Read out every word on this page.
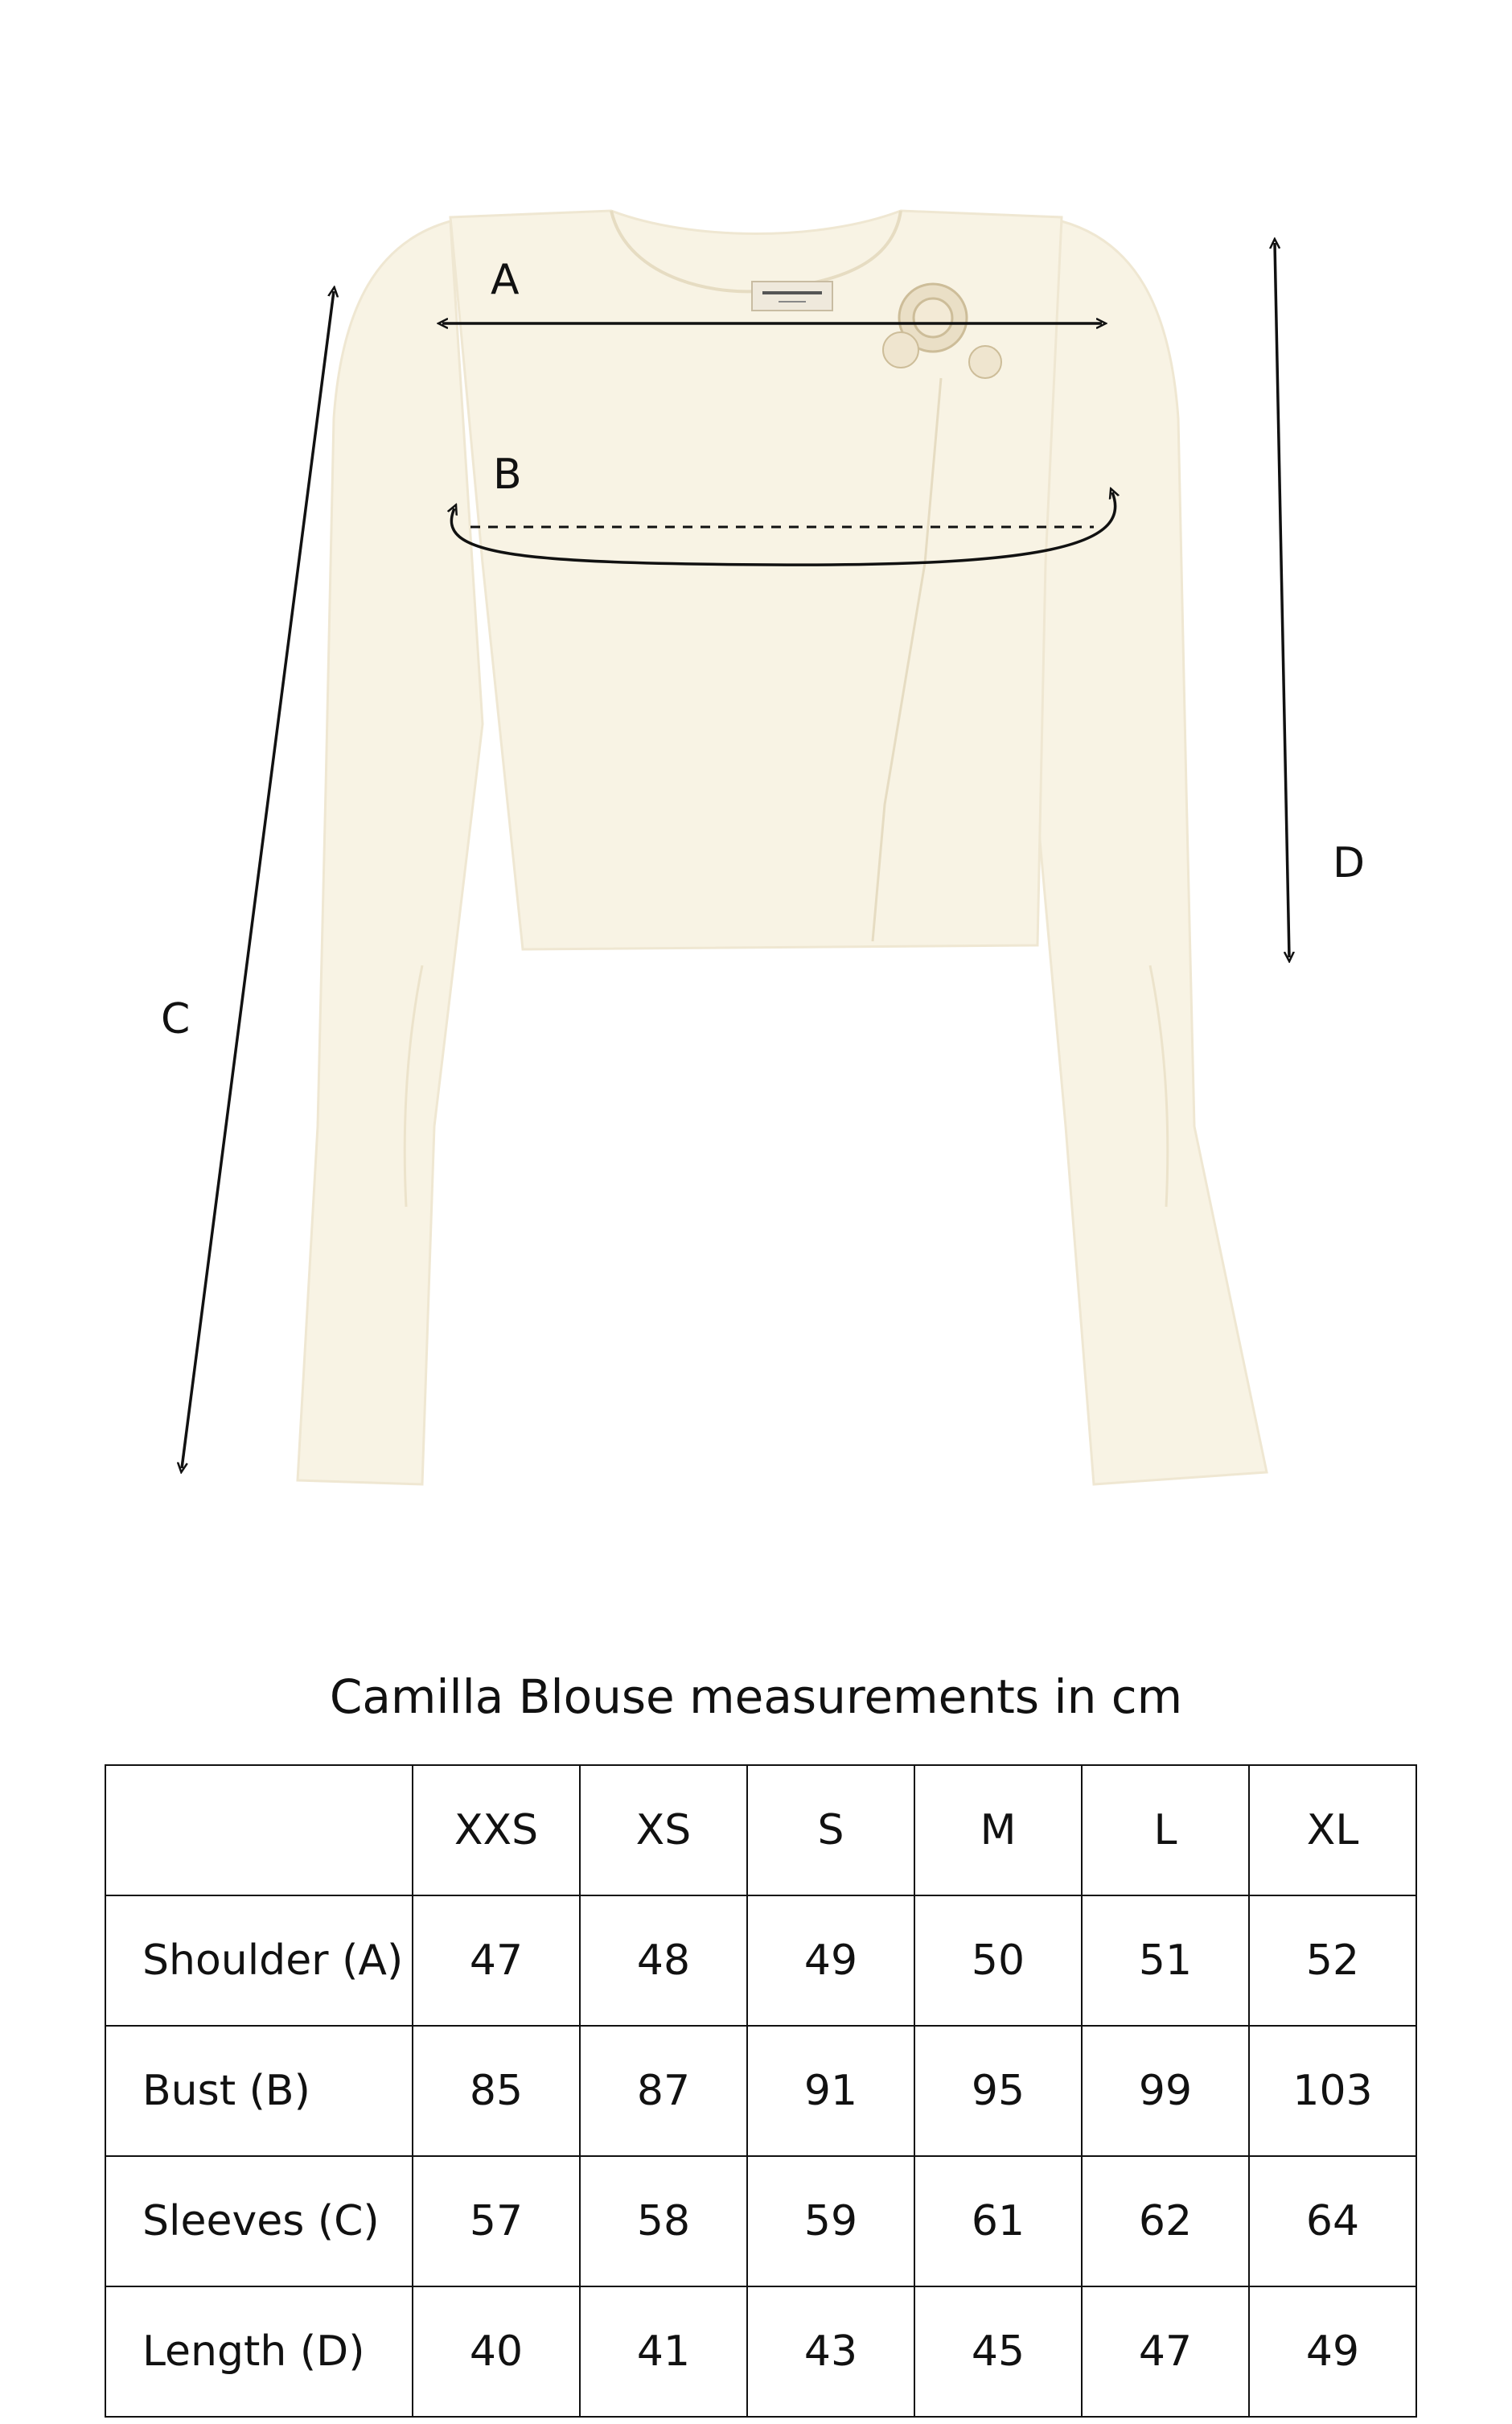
A
B
C
D
Camilla Blouse measurements in cm
	XXS	XS	S	M	L	XL
Shoulder (A)	47	48	49	50	51	52
Bust (B)	85	87	91	95	99	103
Sleeves (C)	57	58	59	61	62	64
Length (D)	40	41	43	45	47	49
